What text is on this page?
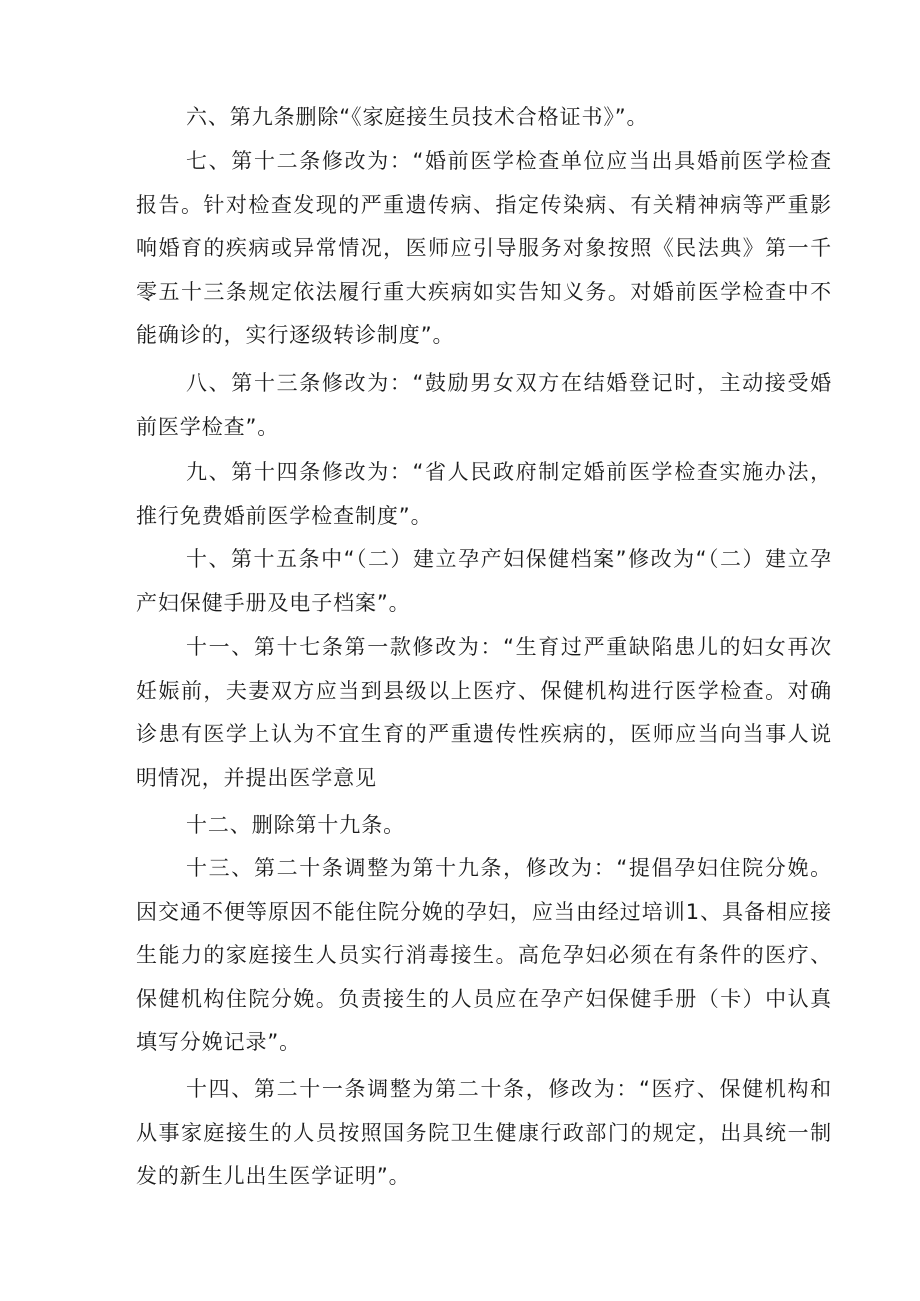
六、第九条删除“《家庭接生员技术合格证书》”。

七、第十二条修改为：“婚前医学检查单位应当出具婚前医学检查报告。针对检查发现的严重遗传病、指定传染病、有关精神病等严重影响婚育的疾病或异常情况，医师应引导服务对象按照《民法典》第一千零五十三条规定依法履行重大疾病如实告知义务。对婚前医学检查中不能确诊的，实行逐级转诊制度”。

八、第十三条修改为：“鼓励男女双方在结婚登记时，主动接受婚前医学检查”。

九、第十四条修改为：“省人民政府制定婚前医学检查实施办法，推行免费婚前医学检查制度”。

十、第十五条中“（二）建立孕产妇保健档案”修改为“（二）建立孕产妇保健手册及电子档案”。

十一、第十七条第一款修改为：“生育过严重缺陷患儿的妇女再次妊娠前，夫妻双方应当到县级以上医疗、保健机构进行医学检查。对确诊患有医学上认为不宜生育的严重遗传性疾病的，医师应当向当事人说明情况，并提出医学意见

十二、删除第十九条。

十三、第二十条调整为第十九条，修改为：“提倡孕妇住院分娩。因交通不便等原因不能住院分娩的孕妇，应当由经过培训1、具备相应接生能力的家庭接生人员实行消毒接生。高危孕妇必须在有条件的医疗、保健机构住院分娩。负责接生的人员应在孕产妇保健手册（卡）中认真填写分娩记录”。

十四、第二十一条调整为第二十条，修改为：“医疗、保健机构和从事家庭接生的人员按照国务院卫生健康行政部门的规定，出具统一制发的新生儿出生医学证明”。
